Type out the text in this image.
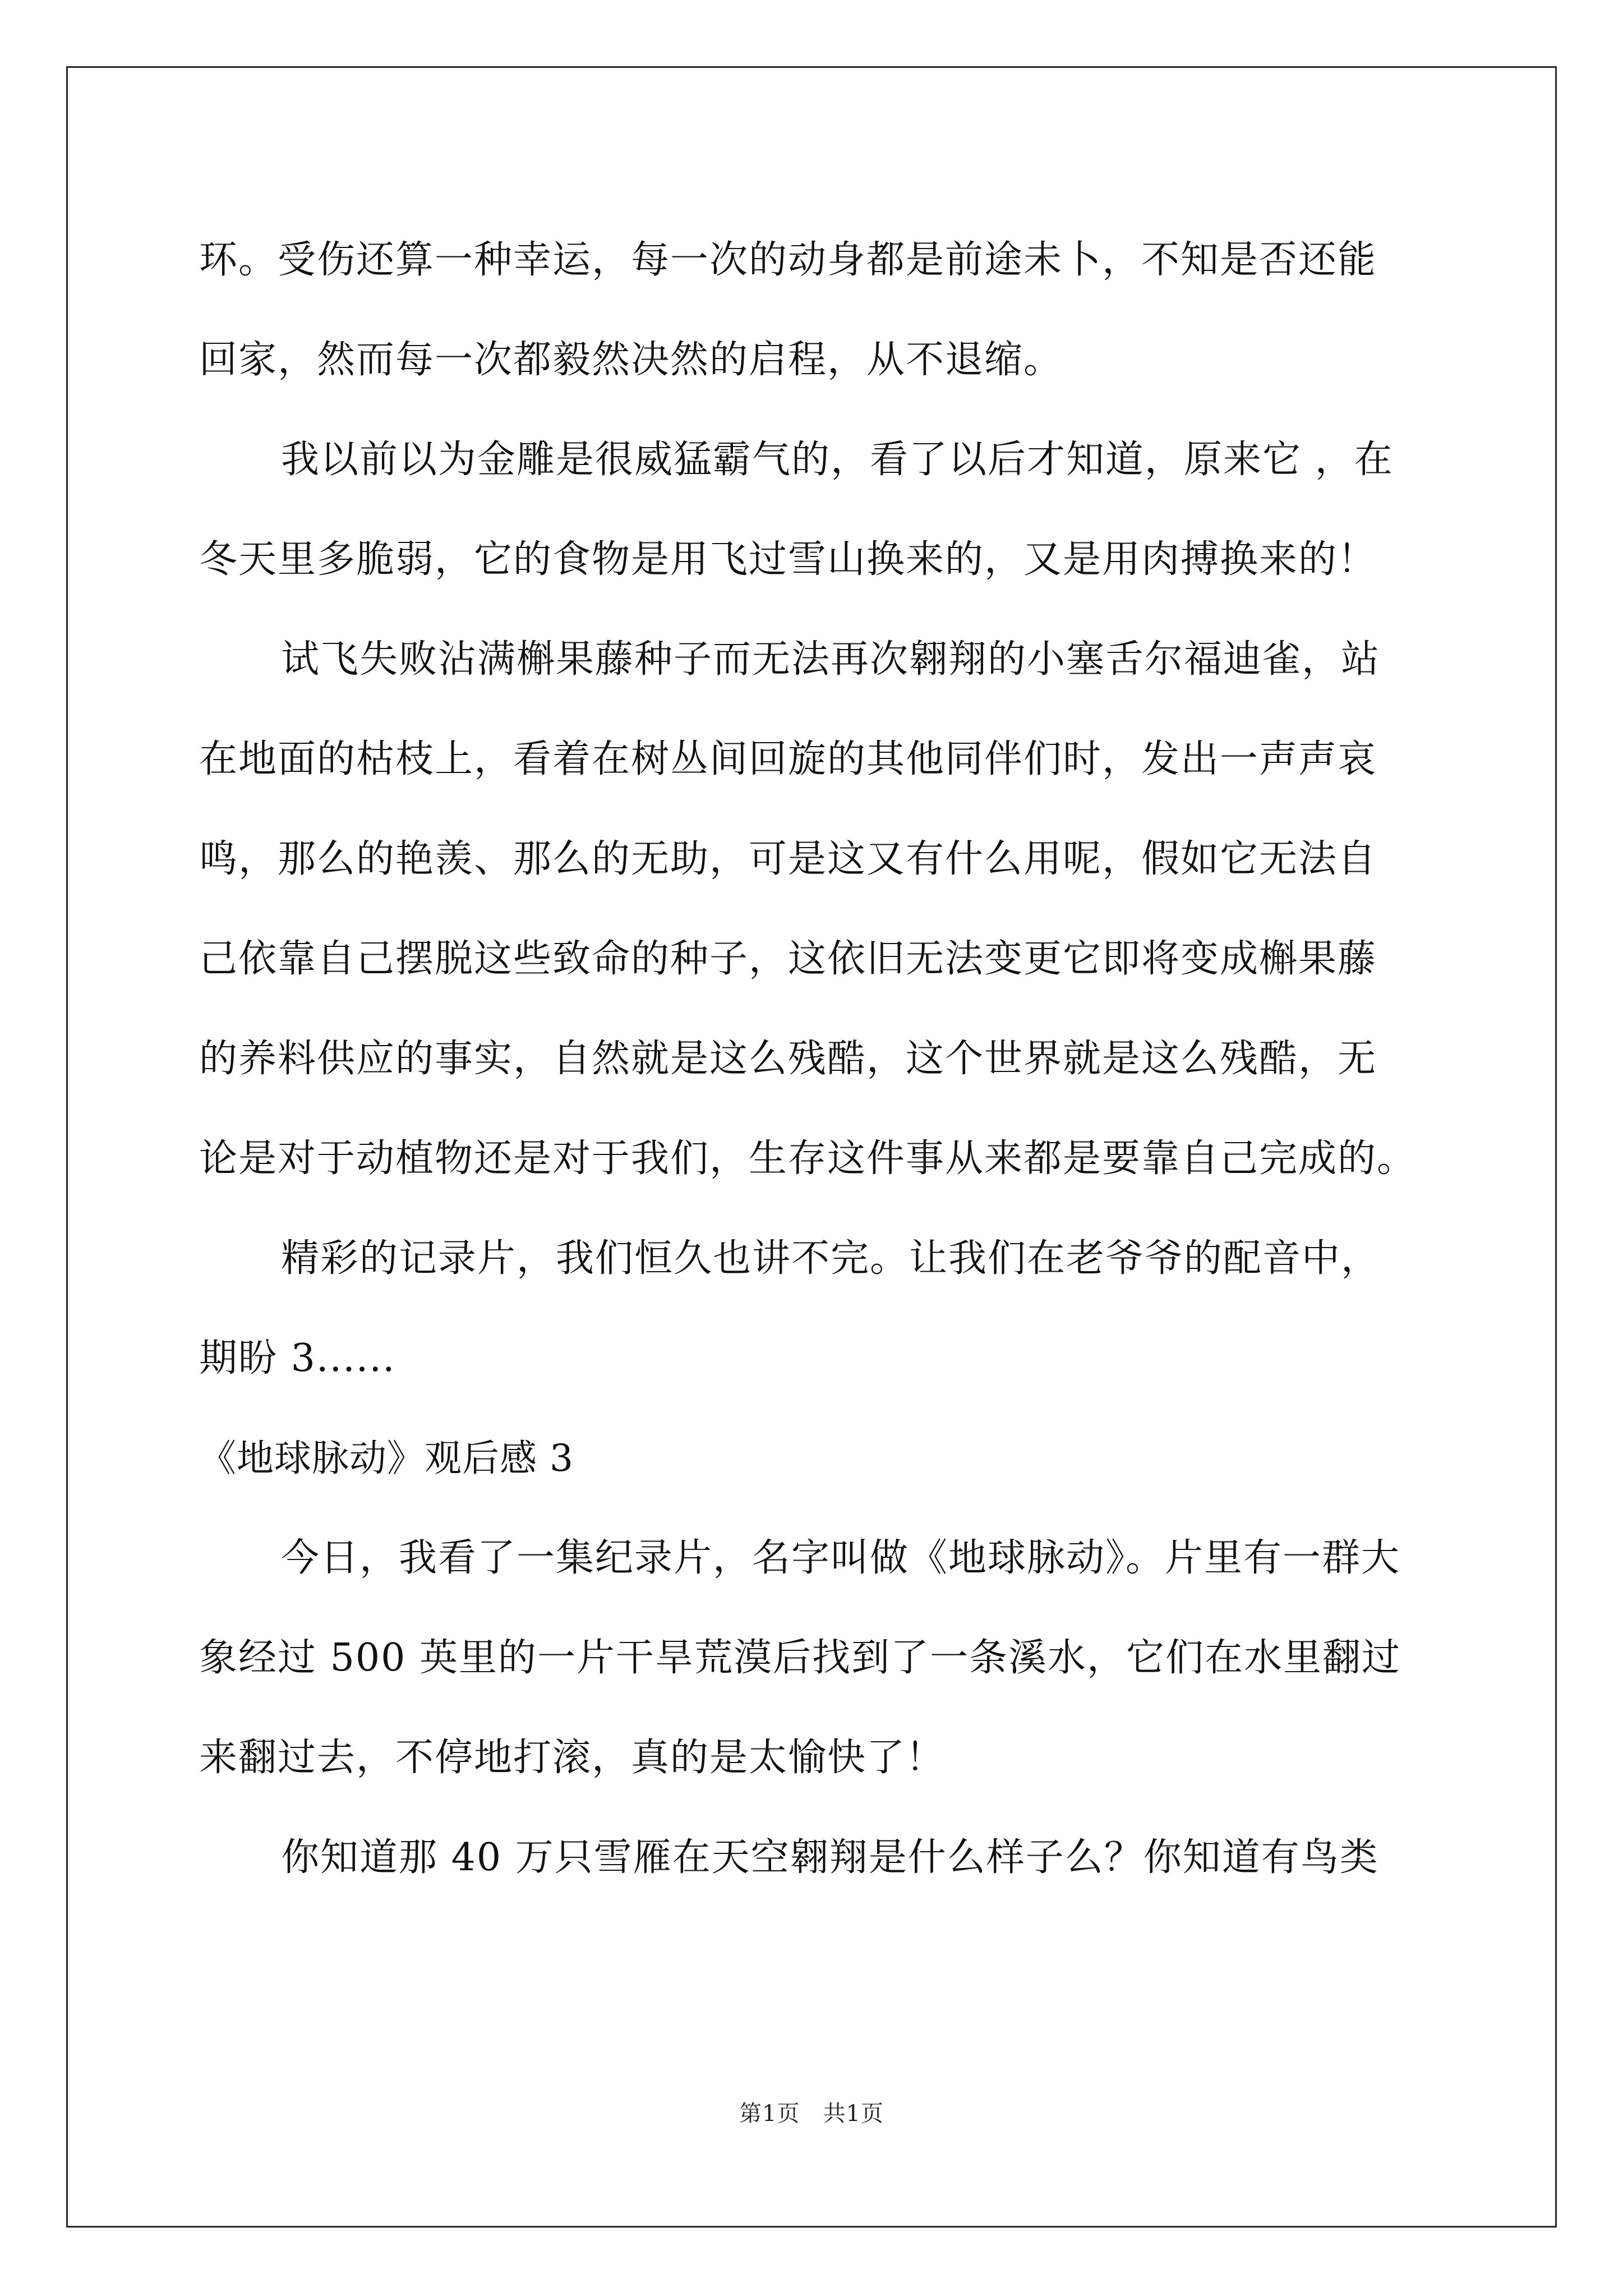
环。受伤还算一种幸运，每一次的动身都是前途未卜，不知是否还能
回家，然而每一次都毅然决然的启程，从不退缩。
我以前以为金雕是很威猛霸气的，看了以后才知道，原来它 ，在
冬天里多脆弱，它的食物是用飞过雪山换来的，又是用肉搏换来的！
试飞失败沾满槲果藤种子而无法再次翱翔的小塞舌尔福迪雀，站
在地面的枯枝上，看着在树丛间回旋的其他同伴们时，发出一声声哀
鸣，那么的艳羡、那么的无助，可是这又有什么用呢，假如它无法自
己依靠自己摆脱这些致命的种子，这依旧无法变更它即将变成槲果藤
的养料供应的事实，自然就是这么残酷，这个世界就是这么残酷，无
论是对于动植物还是对于我们，生存这件事从来都是要靠自己完成的。
精彩的记录片，我们恒久也讲不完。让我们在老爷爷的配音中，
期盼 3......
《地球脉动》观后感 3
今日，我看了一集纪录片，名字叫做《地球脉动》。片里有一群大
象经过 500 英里的一片干旱荒漠后找到了一条溪水，它们在水里翻过
来翻过去，不停地打滚，真的是太愉快了！
你知道那 40 万只雪雁在天空翱翔是什么样子么？你知道有鸟类
第1页　共1页
